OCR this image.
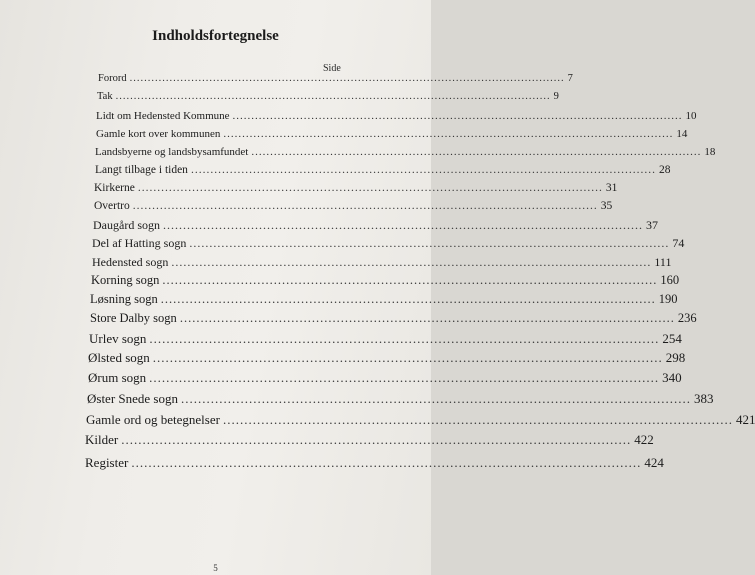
Indholdsfortegnelse
Side
Forord ........................................................................................................................ 7
Tak ........................................................................................................................ 9
Lidt om Hedensted Kommune ........................................................................................................................ 10
Gamle kort over kommunen ........................................................................................................................ 14
Landsbyerne og landsbysamfundet ........................................................................................................................ 18
Langt tilbage i tiden ........................................................................................................................ 28
Kirkerne ........................................................................................................................ 31
Overtro ........................................................................................................................ 35
Daugård sogn ........................................................................................................................ 37
Del af Hatting sogn ........................................................................................................................ 74
Hedensted sogn ........................................................................................................................ 111
Korning sogn ........................................................................................................................ 160
Løsning sogn ........................................................................................................................ 190
Store Dalby sogn ........................................................................................................................ 236
Urlev sogn ........................................................................................................................ 254
Ølsted sogn ........................................................................................................................ 298
Ørum sogn ........................................................................................................................ 340
Øster Snede sogn ........................................................................................................................ 383
Gamle ord og betegnelser ........................................................................................................................ 421
Kilder ........................................................................................................................ 422
Register ........................................................................................................................ 424
5
